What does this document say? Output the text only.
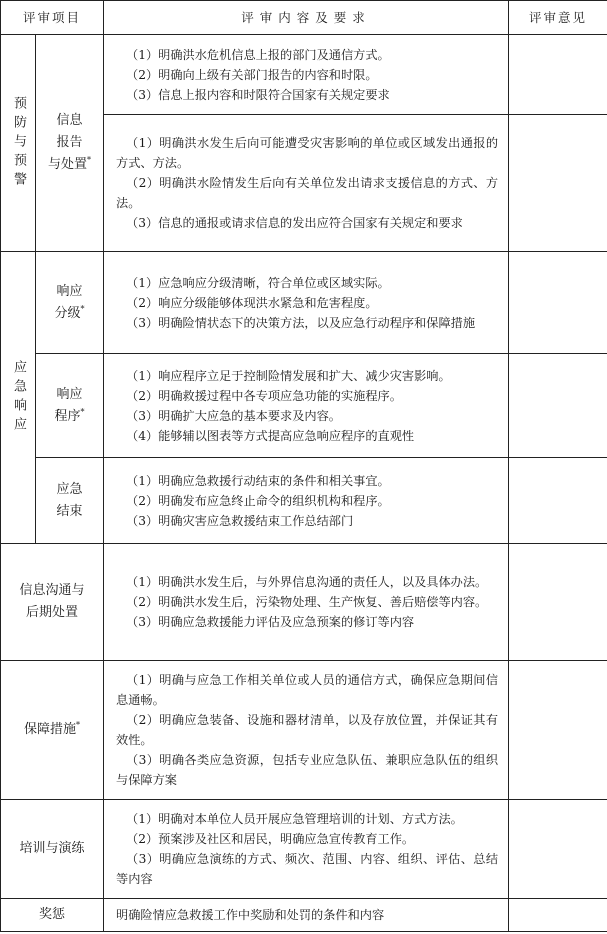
评审项目		评审内容及要求	评审意见
预防与预警	信息
报告
与处置*	（1）明确洪水危机信息上报的部门及通信方式。
（2）明确向上级有关部门报告的内容和时限。
（3）信息上报内容和时限符合国家有关规定要求	

		（1）明确洪水发生后向可能遭受灾害影响的单位或区域发出通报的方式、方法。
（2）明确洪水险情发生后向有关单位发出请求支援信息的方式、方法。
（3）信息的通报或请求信息的发出应符合国家有关规定和要求	

应急响应	响应
分级*	（1）应急响应分级清晰，符合单位或区域实际。
（2）响应分级能够体现洪水紧急和危害程度。
（3）明确险情状态下的决策方法，以及应急行动程序和保障措施	

	响应
程序*	（1）响应程序立足于控制险情发展和扩大、减少灾害影响。
（2）明确救援过程中各专项应急功能的实施程序。
（3）明确扩大应急的基本要求及内容。
（4）能够辅以图表等方式提高应急响应程序的直观性	

	应急
结束	（1）明确应急救援行动结束的条件和相关事宜。
（2）明确发布应急终止命令的组织机构和程序。
（3）明确灾害应急救援结束工作总结部门	

信息沟通与
后期处置		（1）明确洪水发生后，与外界信息沟通的责任人，以及具体办法。
（2）明确洪水发生后，污染物处理、生产恢复、善后赔偿等内容。
（3）明确应急救援能力评估及应急预案的修订等内容	

保障措施*		（1）明确与应急工作相关单位或人员的通信方式，确保应急期间信息通畅。
（2）明确应急装备、设施和器材清单，以及存放位置，并保证其有效性。
（3）明确各类应急资源，包括专业应急队伍、兼职应急队伍的组织与保障方案	

培训与演练		（1）明确对本单位人员开展应急管理培训的计划、方式方法。
（2）预案涉及社区和居民，明确应急宣传教育工作。
（3）明确应急演练的方式、频次、范围、内容、组织、评估、总结等内容	

奖惩		明确险情应急救援工作中奖励和处罚的条件和内容	
